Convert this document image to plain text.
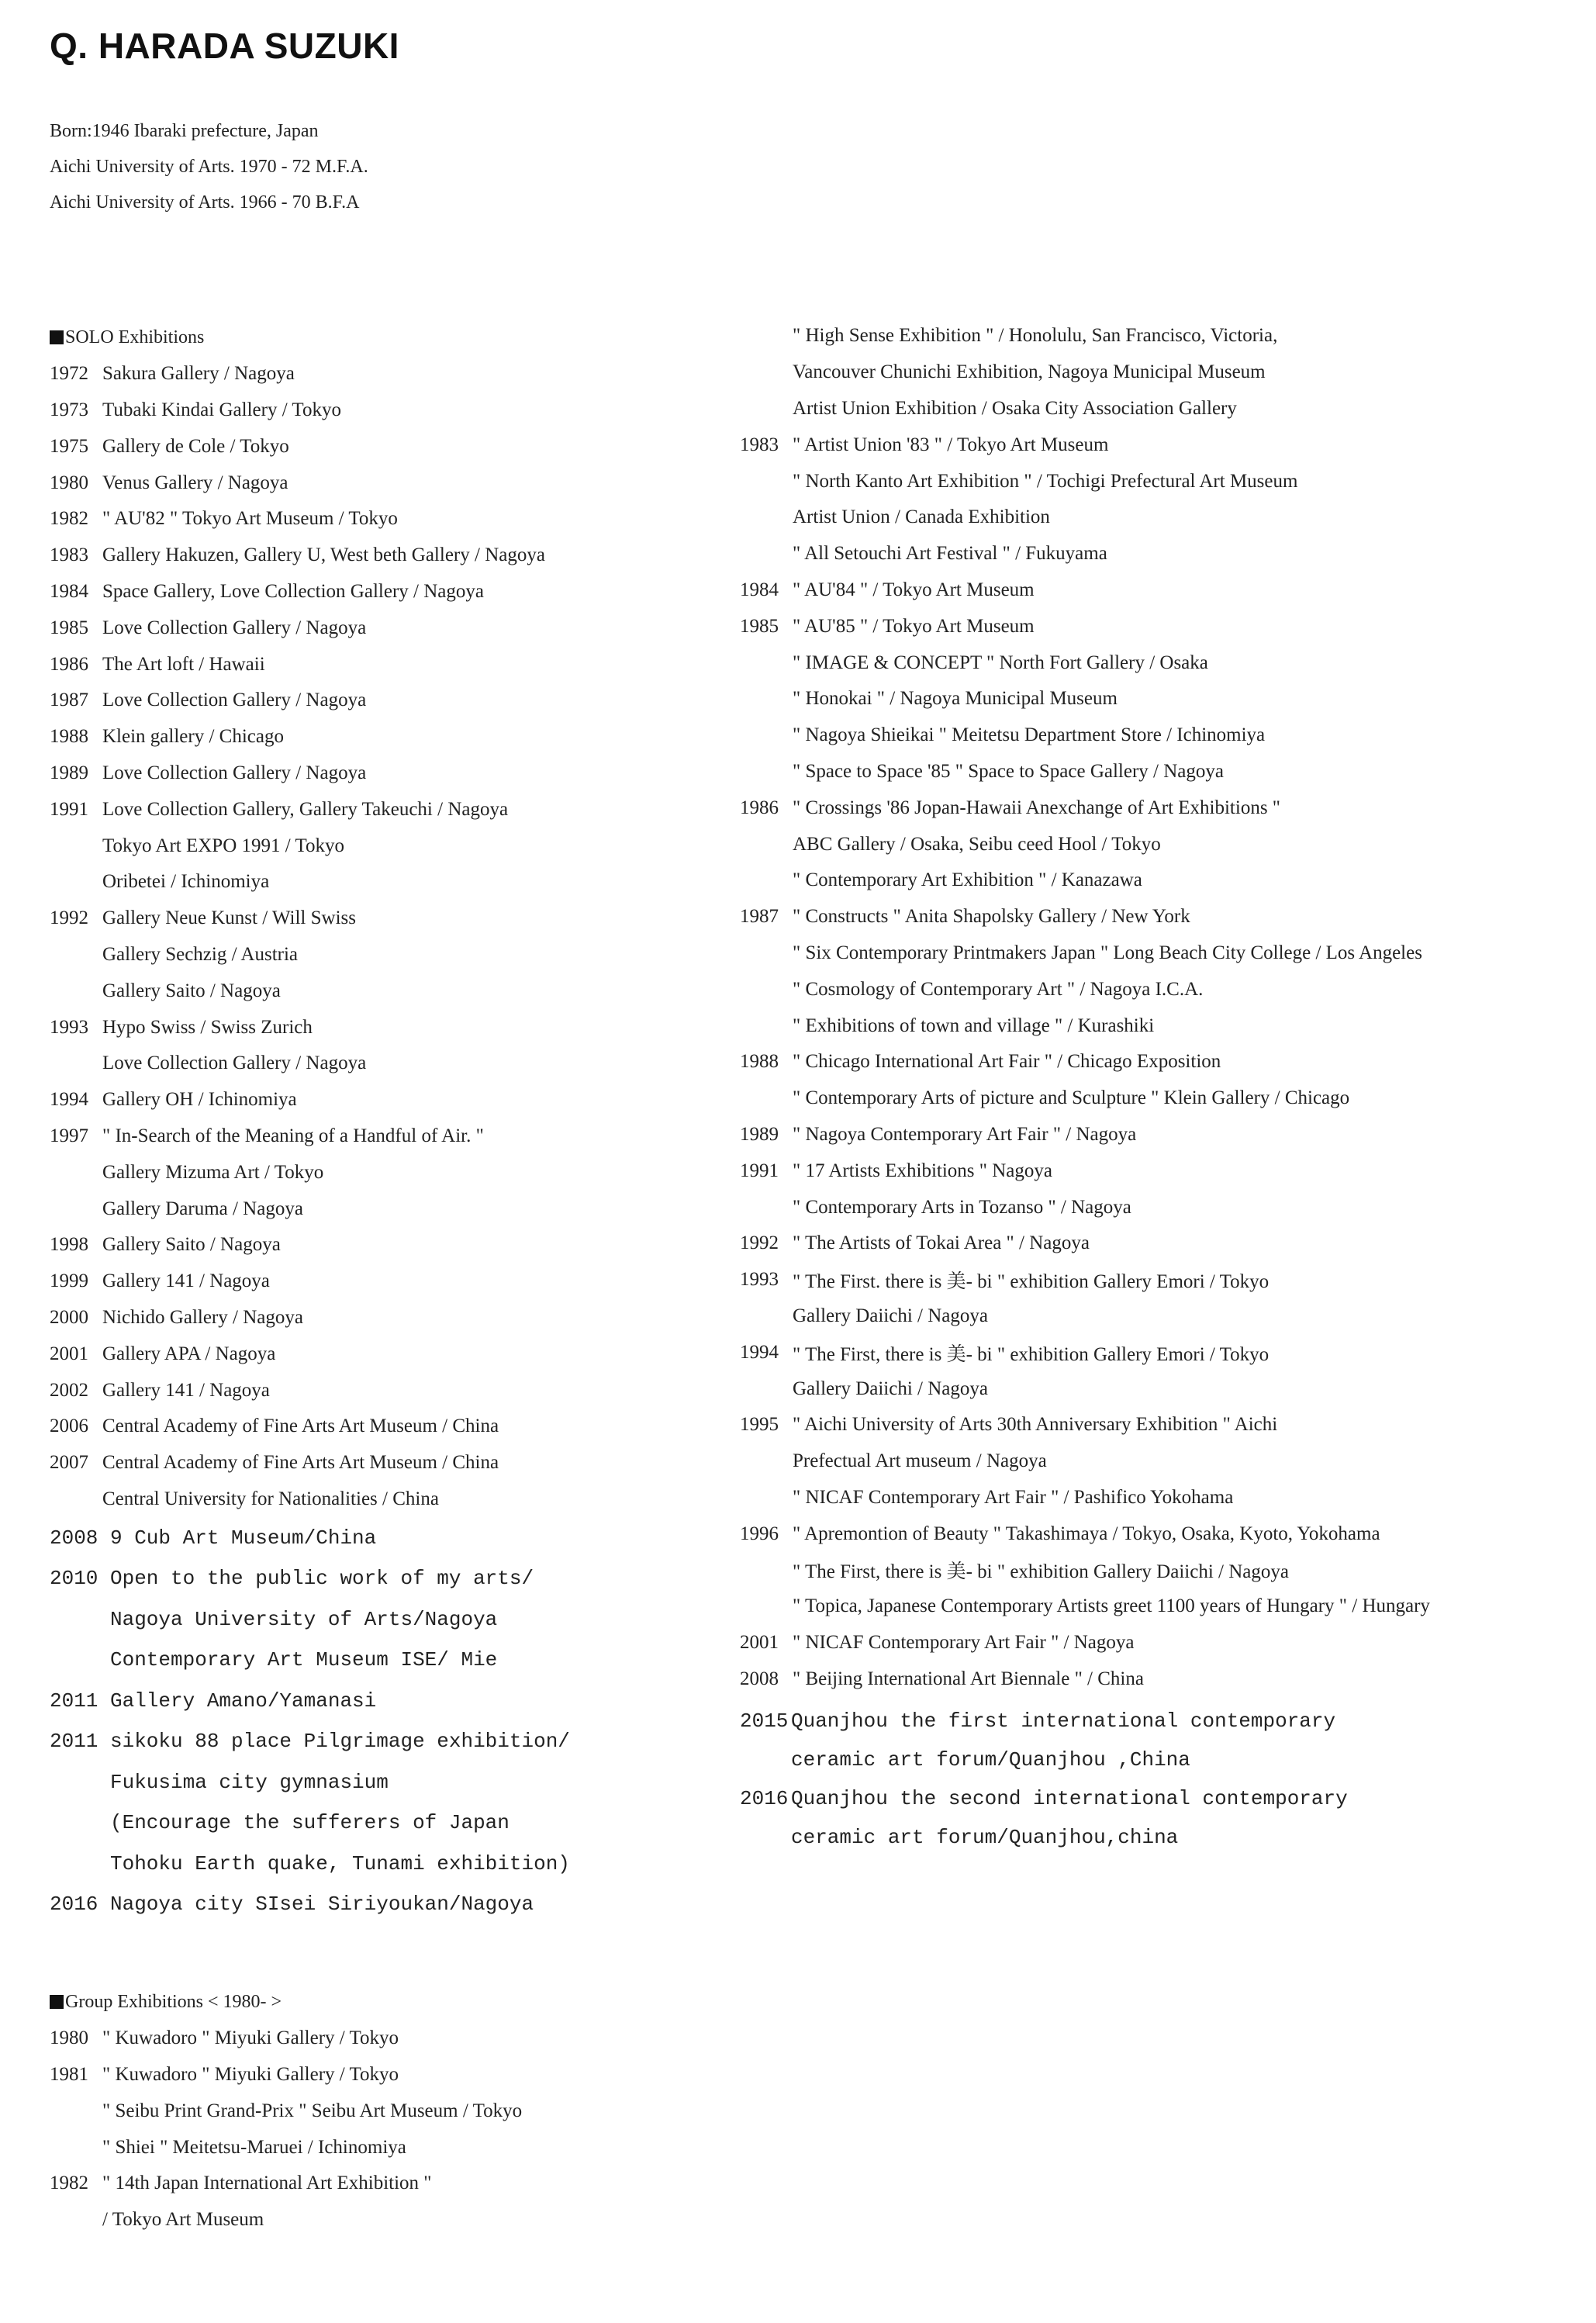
Q. HARADA SUZUKI
Born:1946 Ibaraki prefecture, Japan
Aichi University of Arts. 1970 - 72 M.F.A.
Aichi University of Arts. 1966 - 70 B.F.A
SOLO Exhibitions
1972 Sakura Gallery / Nagoya
1973 Tubaki Kindai Gallery / Tokyo
1975 Gallery de Cole / Tokyo
1980 Venus Gallery / Nagoya
1982 " AU'82 " Tokyo Art Museum / Tokyo
1983 Gallery Hakuzen, Gallery U, West beth Gallery / Nagoya
1984 Space Gallery, Love Collection Gallery / Nagoya
1985 Love Collection Gallery / Nagoya
1986 The Art loft / Hawaii
1987 Love Collection Gallery / Nagoya
1988 Klein gallery / Chicago
1989 Love Collection Gallery / Nagoya
1991 Love Collection Gallery, Gallery Takeuchi / Nagoya
Tokyo Art EXPO 1991 / Tokyo
Oribetei / Ichinomiya
1992 Gallery Neue Kunst / Will Swiss
Gallery Sechzig / Austria
Gallery Saito / Nagoya
1993 Hypo Swiss / Swiss Zurich
Love Collection Gallery / Nagoya
1994 Gallery OH / Ichinomiya
1997 " In-Search of the Meaning of a Handful of Air. "
Gallery Mizuma Art / Tokyo
Gallery Daruma / Nagoya
1998 Gallery Saito / Nagoya
1999 Gallery 141 / Nagoya
2000 Nichido Gallery / Nagoya
2001 Gallery APA / Nagoya
2002 Gallery 141 / Nagoya
2006 Central Academy of Fine Arts Art Museum / China
2007 Central Academy of Fine Arts Art Museum / China
Central University for Nationalities / China
2008 9 Cub Art Museum/China
2010 Open to the public work of my arts/
Nagoya University of Arts/Nagoya
Contemporary Art Museum ISE/ Mie
2011 Gallery Amano/Yamanasi
2011 sikoku 88 place Pilgrimage exhibition/
Fukusima city gymnasium
(Encourage the sufferers of Japan
Tohoku Earth quake, Tunami exhibition)
2016 Nagoya city SIsei Siriyoukan/Nagoya
Group Exhibitions < 1980- >
1980 " Kuwadoro " Miyuki Gallery / Tokyo
1981 " Kuwadoro " Miyuki Gallery / Tokyo
" Seibu Print Grand-Prix " Seibu Art Museum / Tokyo
" Shiei " Meitetsu-Maruei / Ichinomiya
1982 " 14th Japan International Art Exhibition "
/ Tokyo Art Museum
" High Sense Exhibition " / Honolulu, San Francisco, Victoria,
Vancouver Chunichi Exhibition, Nagoya Municipal Museum
Artist Union Exhibition / Osaka City Association Gallery
1983 " Artist Union '83 " / Tokyo Art Museum
" North Kanto Art Exhibition " / Tochigi Prefectural Art Museum
Artist Union / Canada Exhibition
" All Setouchi Art Festival " / Fukuyama
1984 " AU'84 " / Tokyo Art Museum
1985 " AU'85 " / Tokyo Art Museum
" IMAGE & CONCEPT " North Fort Gallery / Osaka
" Honokai " / Nagoya Municipal Museum
" Nagoya Shieikai " Meitetsu Department Store / Ichinomiya
" Space to Space '85 " Space to Space Gallery / Nagoya
1986 " Crossings '86 Jopan-Hawaii Anexchange of Art Exhibitions "
ABC Gallery / Osaka, Seibu ceed Hool / Tokyo
" Contemporary Art Exhibition " / Kanazawa
1987 " Constructs " Anita Shapolsky Gallery / New York
" Six Contemporary Printmakers Japan " Long Beach City College / Los Angeles
" Cosmology of Contemporary Art " / Nagoya I.C.A.
" Exhibitions of town and village " / Kurashiki
1988 " Chicago International Art Fair " / Chicago Exposition
" Contemporary Arts of picture and Sculpture " Klein Gallery / Chicago
1989 " Nagoya Contemporary Art Fair " / Nagoya
1991 " 17 Artists Exhibitions " Nagoya
" Contemporary Arts in Tozanso " / Nagoya
1992 " The Artists of Tokai Area " / Nagoya
1993 " The First. there is 美- bi " exhibition Gallery Emori / Tokyo
Gallery Daiichi / Nagoya
1994 " The First, there is 美- bi " exhibition Gallery Emori / Tokyo
Gallery Daiichi / Nagoya
1995 " Aichi University of Arts 30th Anniversary Exhibition " Aichi
Prefectual Art museum / Nagoya
" NICAF Contemporary Art Fair " / Pashifico Yokohama
1996 " Apremontion of Beauty " Takashimaya / Tokyo, Osaka, Kyoto, Yokohama
" The First, there is 美- bi " exhibition Gallery Daiichi / Nagoya
" Topica, Japanese Contemporary Artists greet 1100 years of Hungary " / Hungary
2001 " NICAF Contemporary Art Fair " / Nagoya
2008 " Beijing International Art Biennale " / China
2015 Quanjhou the first international contemporary
ceramic art forum/Quanjhou ,China
2016 Quanjhou the second international contemporary
ceramic art forum/Quanjhou,china
